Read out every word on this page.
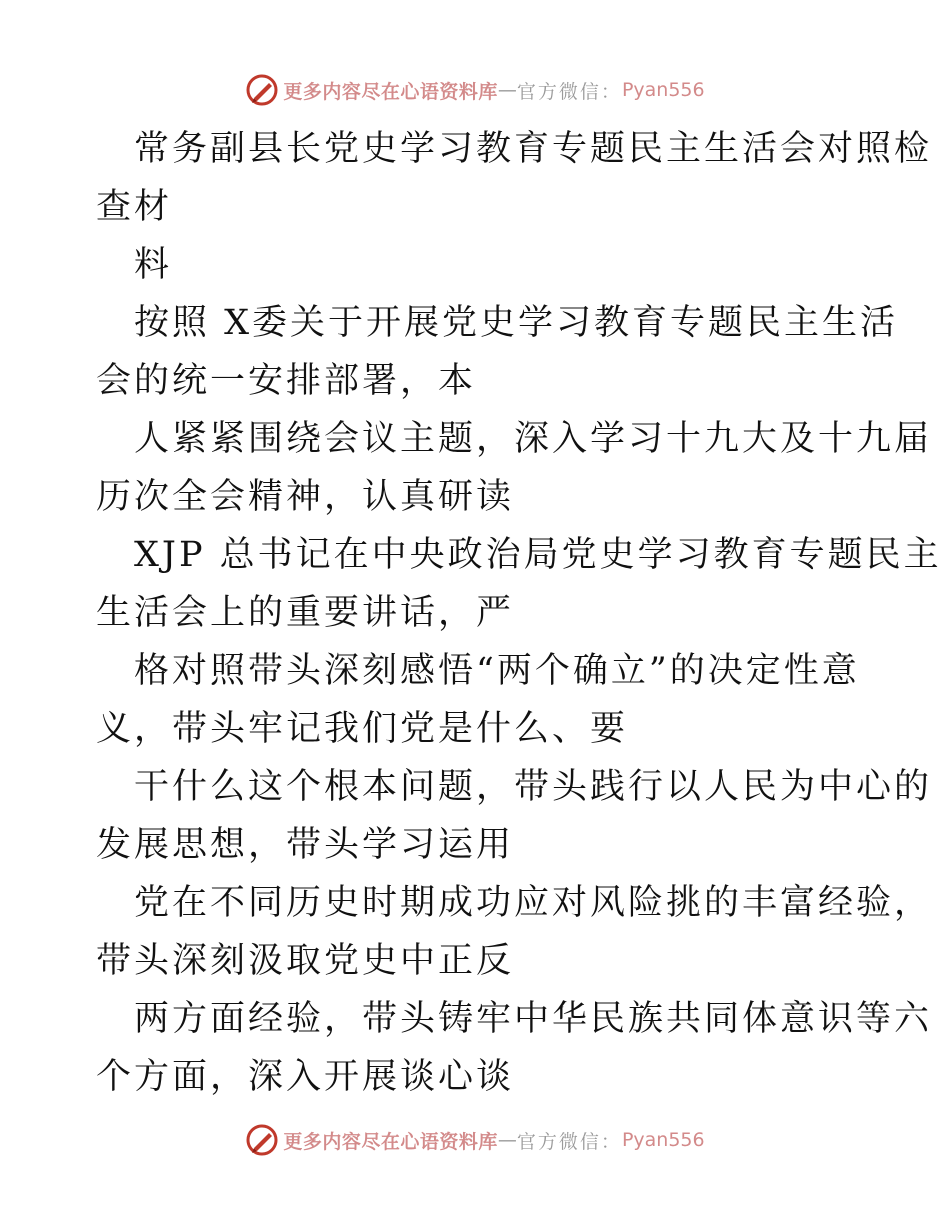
更多内容尽在心语资料库 — 官方微信： Pyan556
常务副县长党史学习教育专题民主生活会对照检
查材
料
按照 X委关于开展党史学习教育专题民主生活
会的统一安排部署，本
人紧紧围绕会议主题，深入学习十九大及十九届
历次全会精神，认真研读
XJP 总书记在中央政治局党史学习教育专题民主
生活会上的重要讲话，严
格对照带头深刻感悟“两个确立”的决定性意
义，带头牢记我们党是什么、要
干什么这个根本问题，带头践行以人民为中心的
发展思想，带头学习运用
党在不同历史时期成功应对风险挑的丰富经验，
带头深刻汲取党史中正反
两方面经验，带头铸牢中华民族共同体意识等六
个方面，深入开展谈心谈
更多内容尽在心语资料库 — 官方微信： Pyan556
